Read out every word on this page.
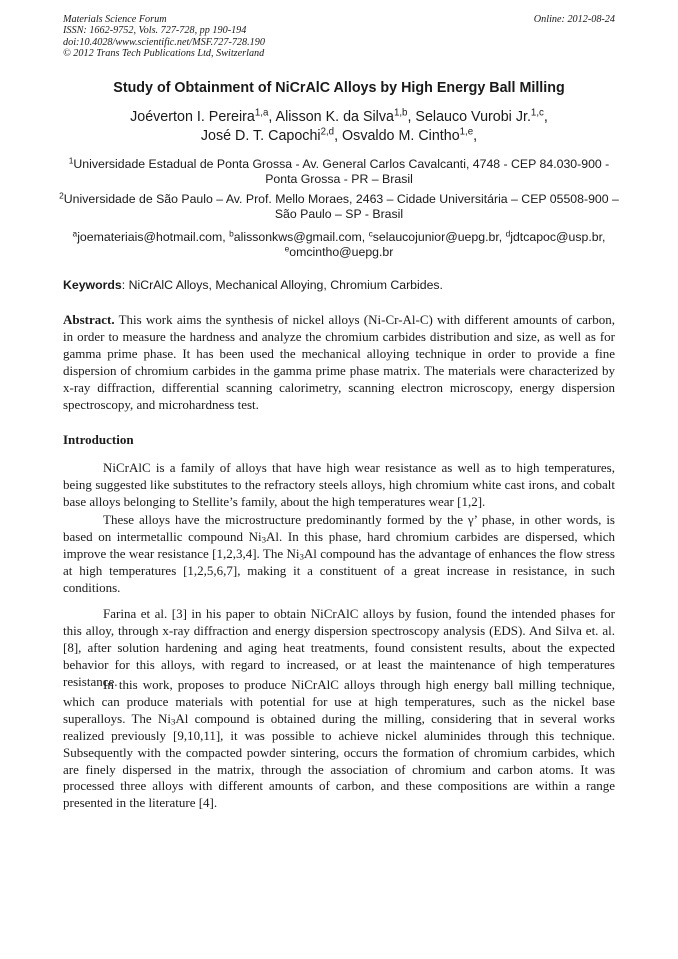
Materials Science Forum
ISSN: 1662-9752, Vols. 727-728, pp 190-194
doi:10.4028/www.scientific.net/MSF.727-728.190
© 2012 Trans Tech Publications Ltd, Switzerland
Online: 2012-08-24
Study of Obtainment of NiCrAlC Alloys by High Energy Ball Milling
Joéverton I. Pereira$^{1,a}$, Alisson K. da Silva$^{1,b}$, Selauco Vurobi Jr.$^{1,c}$,
José D. T. Capochi$^{2,d}$, Osvaldo M. Cintho$^{1,e}$,
$^1$Universidade Estadual de Ponta Grossa - Av. General Carlos Cavalcanti, 4748 - CEP 84.030-900 - Ponta Grossa - PR – Brasil
$^2$Universidade de São Paulo – Av. Prof. Mello Moraes, 2463 – Cidade Universitária – CEP 05508-900 – São Paulo – SP - Brasil
$^a$joemateriais@hotmail.com, $^b$alissonkws@gmail.com, $^c$selaucojunior@uepg.br, $^d$jdtcapoc@usp.br,
$^e$omcintho@uepg.br
Keywords: NiCrAlC Alloys, Mechanical Alloying, Chromium Carbides.
Abstract. This work aims the synthesis of nickel alloys (Ni-Cr-Al-C) with different amounts of carbon, in order to measure the hardness and analyze the chromium carbides distribution and size, as well as for gamma prime phase. It has been used the mechanical alloying technique in order to provide a fine dispersion of chromium carbides in the gamma prime phase matrix. The materials were characterized by x-ray diffraction, differential scanning calorimetry, scanning electron microscopy, energy dispersion spectroscopy, and microhardness test.
Introduction
NiCrAlC is a family of alloys that have high wear resistance as well as to high temperatures, being suggested like substitutes to the refractory steels alloys, high chromium white cast irons, and cobalt base alloys belonging to Stellite’s family, about the high temperatures wear [1,2].
These alloys have the microstructure predominantly formed by the γ’ phase, in other words, is based on intermetallic compound $Ni_3Al$. In this phase, hard chromium carbides are dispersed, which improve the wear resistance [1,2,3,4]. The $Ni_3Al$ compound has the advantage of enhances the flow stress at high temperatures [1,2,5,6,7], making it a constituent of a great increase in resistance, in such conditions.
Farina et al. [3] in his paper to obtain NiCrAlC alloys by fusion, found the intended phases for this alloy, through x-ray diffraction and energy dispersion spectroscopy analysis (EDS). And Silva et. al. [8], after solution hardening and aging heat treatments, found consistent results, about the expected behavior for this alloys, with regard to increased, or at least the maintenance of high temperatures resistance.
In this work, proposes to produce NiCrAlC alloys through high energy ball milling technique, which can produce materials with potential for use at high temperatures, such as the nickel base superalloys. The $Ni_3Al$ compound is obtained during the milling, considering that in several works realized previously [9,10,11], it was possible to achieve nickel aluminides through this technique. Subsequently with the compacted powder sintering, occurs the formation of chromium carbides, which are finely dispersed in the matrix, through the association of chromium and carbon atoms. It was processed three alloys with different amounts of carbon, and these compositions are within a range presented in the literature [4].
